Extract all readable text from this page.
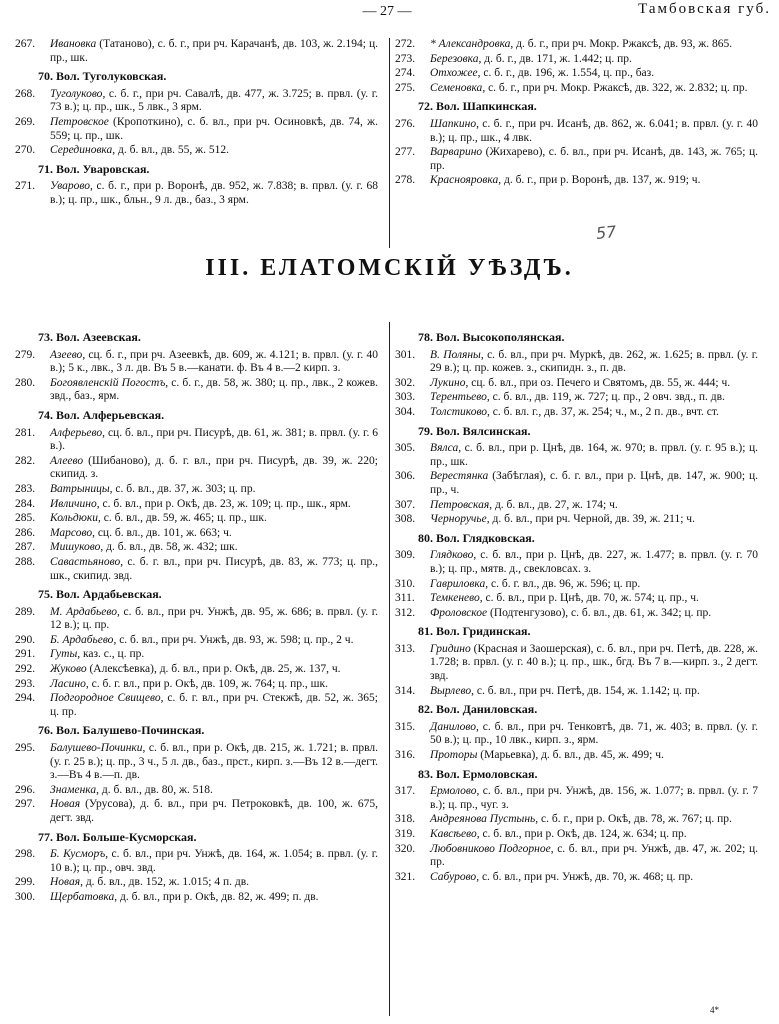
— 27 —	Тамбовская губ.
267. Ивановка (Татаново), с. б. г., при рч. Карачанѣ, дв. 103, ж. 2.194; ц. пр., шк.
70. Вол. Туголуковская.
268. Туголуково, с. б. г., при рч. Савалѣ, дв. 477, ж. 3.725; в. првл. (у. г. 73 в.); ц. пр., шк., 5 лвк., 3 ярм.
269. Петровское (Кропоткино), с. б. вл., при рч. Осиновкѣ, дв. 74, ж. 559; ц. пр., шк.
270. Серединовка, д. б. вл., дв. 55, ж. 512.
71. Вол. Уваровская.
271. Уварово, с. б. г., при р. Воронѣ, дв. 952, ж. 7.838; в. првл. (у. г. 68 в.); ц. пр., шк., бльн., 9 л. дв., баз., 3 ярм.
272. * Александровка, д. б. г., при рч. Мокр. Ржаксѣ, дв. 93, ж. 865.
273. Березовка, д. б. г., дв. 171, ж. 1.442; ц. пр.
274. Отхожее, с. б. г., дв. 196, ж. 1.554, ц. пр., баз.
275. Семеновка, с. б. г., при рч. Мокр. Ржаксѣ, дв. 322, ж. 2.832; ц. пр.
72. Вол. Шапкинская.
276. Шапкино, с. б. г., при рч. Исанѣ, дв. 862, ж. 6.041; в. првл. (у. г. 40 в.); ц. пр., шк., 4 лвк.
277. Варварино (Жихарево), с. б. вл., при рч. Исанѣ, дв. 143, ж. 765; ц. пр.
278. Краснояровка, д. б. г., при р. Воронѣ, дв. 137, ж. 919; ч.
57
III. ЕЛАТОМСКІЙ УѢЗДЪ.
73. Вол. Азеевская.
279. Азеево, сц. б. г., при рч. Азеевкѣ, дв. 609, ж. 4.121; в. првл. (у. г. 40 в.); 5 к., лвк., 3 л. дв. Въ 5 в.—канати. ф. Въ 4 в.—2 кирп. з.
280. Богоявленскій Погостъ, с. б. г., дв. 58, ж. 380; ц. пр., лвк., 2 кожев. звд., баз., ярм.
74. Вол. Алферьевская.
281. Алферьево, сц. б. вл., при рч. Писурѣ, дв. 61, ж. 381; в. првл. (у. г. 6 в.).
282. Алеево (Шибаново), д. б. г. вл., при рч. Писурѣ, дв. 39, ж. 220; скипид. з.
283. Ватрыницы, с. б. вл., дв. 37, ж. 303; ц. пр.
284. Ивличино, с. б. вл., при р. Окѣ, дв. 23, ж. 109; ц. пр., шк., ярм.
285. Кольдюки, с. б. вл., дв. 59, ж. 465; ц. пр., шк.
286. Марсово, сц. б. вл., дв. 101, ж. 663; ч.
287. Мишуково, д. б. вл., дв. 58, ж. 432; шк.
288. Савастьяново, с. б. г. вл., при рч. Писурѣ, дв. 83, ж. 773; ц. пр., шк., скипид. звд.
75. Вол. Ардабьевская.
289. М. Ардабьево, с. б. вл., при рч. Унжѣ, дв. 95, ж. 686; в. првл. (у. г. 12 в.); ц. пр.
290. Б. Ардабьево, с. б. вл., при рч. Унжѣ, дв. 93, ж. 598; ц. пр., 2 ч.
291. Гуты, каз. с., ц. пр.
292. Жуково (Алексѣевка), д. б. вл., при р. Окѣ, дв. 25, ж. 137, ч.
293. Ласино, с. б. г. вл., при р. Окѣ, дв. 109, ж. 764; ц. пр., шк.
294. Подгородное Свищево, с. б. г. вл., при рч. Стекжѣ, дв. 52, ж. 365; ц. пр.
76. Вол. Балушево-Починская.
295. Балушево-Починки, с. б. вл., при р. Окѣ, дв. 215, ж. 1.721; в. првл. (у. г. 25 в.); ц. пр., 3 ч., 5 л. дв., баз., прст., кирп. з.—Въ 12 в.—дегт. з.—Въ 4 в.—п. дв.
296. Знаменка, д. б. вл., дв. 80, ж. 518.
297. Новая (Урусова), д. б. вл., при рч. Петроковкѣ, дв. 100, ж. 675, дегт. звд.
77. Вол. Больше-Кусморская.
298. Б. Кусморъ, с. б. вл., при рч. Унжѣ, дв. 164, ж. 1.054; в. првл. (у. г. 10 в.); ц. пр., овч. звд.
299. Новая, д. б. вл., дв. 152, ж. 1.015; 4 п. дв.
300. Щербатовка, д. б. вл., при р. Окѣ, дв. 82, ж. 499; п. дв.
78. Вол. Высокополянская.
301. В. Поляны, с. б. вл., при рч. Муркѣ, дв. 262, ж. 1.625; в. првл. (у. г. 29 в.); ц. пр. кожев. з., скипидн. з., п. дв.
302. Лукино, сц. б. вл., при оз. Печего и Святомъ, дв. 55, ж. 444; ч.
303. Терентьево, с. б. вл., дв. 119, ж. 727; ц. пр., 2 овч. звд., п. дв.
304. Толстиково, с. б. вл. г., дв. 37, ж. 254; ч., м., 2 п. дв., вчт. ст.
79. Вол. Вялсинская.
305. Вялса, с. б. вл., при р. Цнѣ, дв. 164, ж. 970; в. првл. (у. г. 95 в.); ц. пр., шк.
306. Верестянка (Забѣглая), с. б. г. вл., при р. Цнѣ, дв. 147, ж. 900; ц. пр., ч.
307. Петровская, д. б. вл., дв. 27, ж. 174; ч.
308. Черноручье, д. б. вл., при рч. Черной, дв. 39, ж. 211; ч.
80. Вол. Глядковская.
309. Глядково, с. б. вл., при р. Цнѣ, дв. 227, ж. 1.477; в. првл. (у. г. 70 в.); ц. пр., мятв. д., свекловсах. з.
310. Гавриловка, с. б. г. вл., дв. 96, ж. 596; ц. пр.
311. Темкенево, с. б. вл., при р. Цнѣ, дв. 70, ж. 574; ц. пр., ч.
312. Фроловское (Подтенгузово), с. б. вл., дв. 61, ж. 342; ц. пр.
81. Вол. Гридинская.
313. Гридино (Красная и Заошерская), с. б. вл., при рч. Петѣ, дв. 228, ж. 1.728; в. првл. (у. г. 40 в.); ц. пр., шк., бгд. Въ 7 в.—кирп. з., 2 дегт. звд.
314. Вырлево, с. б. вл., при рч. Петѣ, дв. 154, ж. 1.142; ц. пр.
82. Вол. Даниловская.
315. Данилово, с. б. вл., при рч. Тенковтѣ, дв. 71, ж. 403; в. првл. (у. г. 50 в.); ц. пр., 10 лвк., кирп. з., ярм.
316. Проторы (Марьевка), д. б. вл., дв. 45, ж. 499; ч.
83. Вол. Ермоловская.
317. Ермолово, с. б. вл., при рч. Унжѣ, дв. 156, ж. 1.077; в. првл. (у. г. 7 в.); ц. пр., чуг. з.
318. Андреянова Пустынь, с. б. г., при р. Окѣ, дв. 78, ж. 767; ц. пр.
319. Кавсѣево, с. б. вл., при р. Окѣ, дв. 124, ж. 634; ц. пр.
320. Любовниково Подгорное, с. б. вл., при рч. Унжѣ, дв. 47, ж. 202; ц. пр.
321. Сабурово, с. б. вл., при рч. Унжѣ, дв. 70, ж. 468; ц. пр.
4*
